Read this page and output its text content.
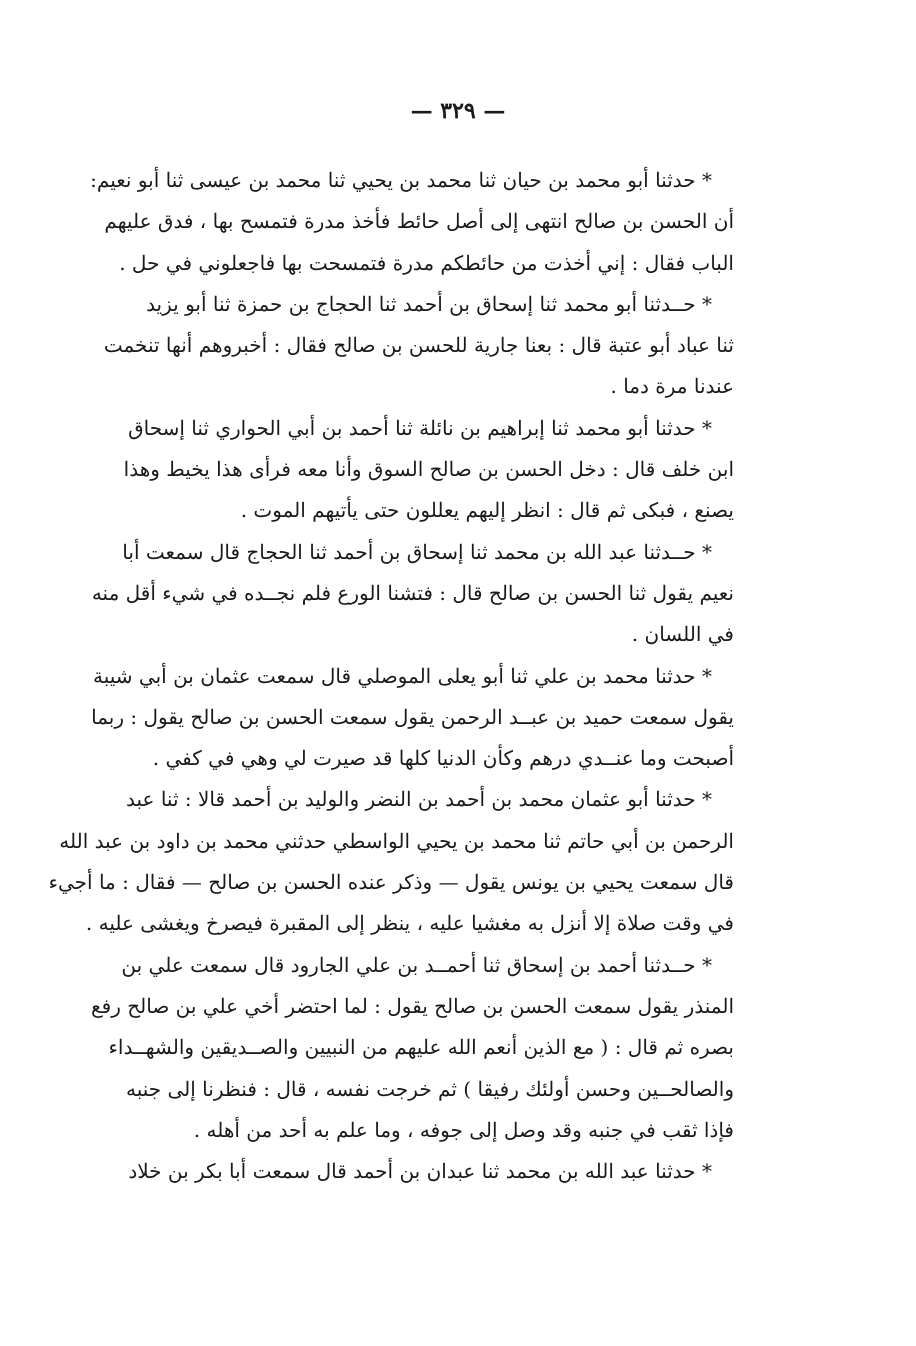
— ٣٢٩ —
* حدثنا أبو محمد بن حيان ثنا محمد بن يحيي ثنا محمد بن عيسى ثنا أبو نعيم:
أن الحسن بن صالح انتهى إلى أصل حائط فأخذ مدرة فتمسح بها ، فدق عليهم
الباب فقال : إني أخذت من حائطكم مدرة فتمسحت بها فاجعلوني في حل .
* حــدثنا أبو محمد ثنا إسحاق بن أحمد ثنا الحجاج بن حمزة ثنا أبو يزيد
ثنا عباد أبو عتبة قال : بعنا جارية للحسن بن صالح فقال : أخبروهم أنها تنخمت
عندنا مرة دما .
* حدثنا أبو محمد ثنا إبراهيم بن نائلة ثنا أحمد بن أبي الحواري ثنا إسحاق
ابن خلف قال : دخل الحسن بن صالح السوق وأنا معه فرأى هذا يخيط وهذا
يصنع ، فبكى ثم قال : انظر إليهم يعللون حتى يأتيهم الموت .
* حــدثنا عبد الله بن محمد ثنا إسحاق بن أحمد ثنا الحجاج قال سمعت أبا
نعيم يقول ثنا الحسن بن صالح قال : فتشنا الورع فلم نجــده في شيء أقل منه
في اللسان .
* حدثنا محمد بن علي ثنا أبو يعلى الموصلي قال سمعت عثمان بن أبي شيبة
يقول سمعت حميد بن عبــد الرحمن يقول سمعت الحسن بن صالح يقول : ربما
أصبحت وما عنــدي درهم وكأن الدنيا كلها قد صيرت لي وهي في كفي .
* حدثنا أبو عثمان محمد بن أحمد بن النضر والوليد بن أحمد قالا : ثنا عبد
الرحمن بن أبي حاتم ثنا محمد بن يحيي الواسطي حدثني محمد بن داود بن عبد الله
قال سمعت يحيي بن يونس يقول — وذكر عنده الحسن بن صالح — فقال : ما أجيء
في وقت صلاة إلا أنزل به مغشيا عليه ، ينظر إلى المقبرة فيصرخ ويغشى عليه .
* حــدثنا أحمد بن إسحاق ثنا أحمــد بن علي الجارود قال سمعت علي بن
المنذر يقول سمعت الحسن بن صالح يقول : لما احتضر أخي علي بن صالح رفع
بصره ثم قال : ( مع الذين أنعم الله عليهم من النبيين والصــديقين والشهــداء
والصالحــين وحسن أولئك رفيقا ) ثم خرجت نفسه ، قال : فنظرنا إلى جنبه
فإذا ثقب في جنبه وقد وصل إلى جوفه ، وما علم به أحد من أهله .
* حدثنا عبد الله بن محمد ثنا عبدان بن أحمد قال سمعت أبا بكر بن خلاد
